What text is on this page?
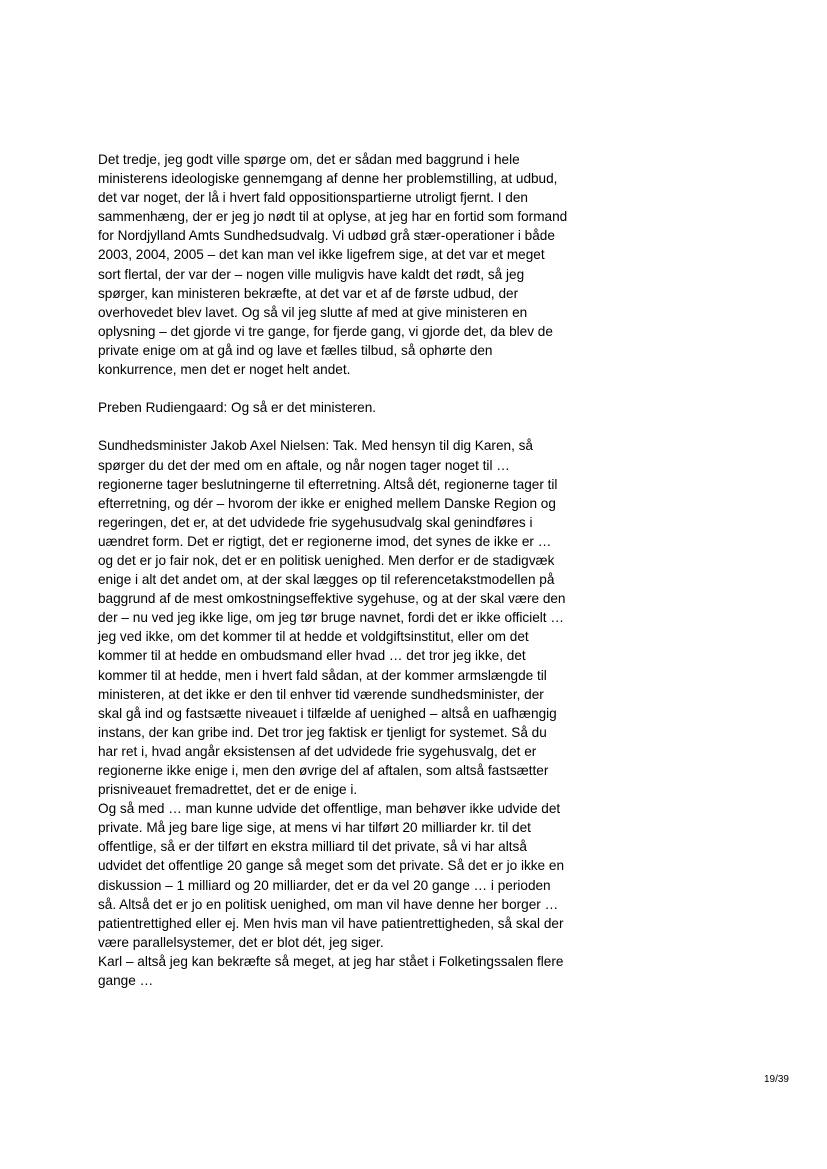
Det tredje, jeg godt ville spørge om, det er sådan med baggrund i hele
ministerens ideologiske gennemgang af denne her problemstilling, at udbud,
det var noget, der lå i hvert fald oppositionspartierne utroligt fjernt. I den
sammenhæng, der er jeg jo nødt til at oplyse, at jeg har en fortid som formand
for Nordjylland Amts Sundhedsudvalg. Vi udbød grå stær-operationer i både
2003, 2004, 2005 – det kan man vel ikke ligefrem sige, at det var et meget
sort flertal, der var der – nogen ville muligvis have kaldt det rødt, så jeg
spørger, kan ministeren bekræfte, at det var et af de første udbud, der
overhovedet blev lavet. Og så vil jeg slutte af med at give ministeren en
oplysning – det gjorde vi tre gange, for fjerde gang, vi gjorde det, da blev de
private enige om at gå ind og lave et fælles tilbud, så ophørte den
konkurrence, men det er noget helt andet.

Preben Rudiengaard: Og så er det ministeren.

Sundhedsminister Jakob Axel Nielsen: Tak. Med hensyn til dig Karen, så
spørger du det der med om en aftale, og når nogen tager noget til …
regionerne tager beslutningerne til efterretning. Altså dét, regionerne tager til
efterretning, og dér – hvorom der ikke er enighed mellem Danske Region og
regeringen, det er, at det udvidede frie sygehusudvalg skal genindføres i
uændret form. Det er rigtigt, det er regionerne imod, det synes de ikke er …
og det er jo fair nok, det er en politisk uenighed. Men derfor er de stadigvæk
enige i alt det andet om, at der skal lægges op til referencetakstmodellen på
baggrund af de mest omkostningseffektive sygehuse, og at der skal være den
der – nu ved jeg ikke lige, om jeg tør bruge navnet, fordi det er ikke officielt …
jeg ved ikke, om det kommer til at hedde et voldgiftsinstitut, eller om det
kommer til at hedde en ombudsmand eller hvad … det tror jeg ikke, det
kommer til at hedde, men i hvert fald sådan, at der kommer armslængde til
ministeren, at det ikke er den til enhver tid værende sundhedsminister, der
skal gå ind og fastsætte niveauet i tilfælde af uenighed – altså en uafhængig
instans, der kan gribe ind. Det tror jeg faktisk er tjenligt for systemet. Så du
har ret i, hvad angår eksistensen af det udvidede frie sygehusvalg, det er
regionerne ikke enige i, men den øvrige del af aftalen, som altså fastsætter
prisniveauet fremadrettet, det er de enige i.

Og så med … man kunne udvide det offentlige, man behøver ikke udvide det
private. Må jeg bare lige sige, at mens vi har tilført 20 milliarder kr. til det
offentlige, så er der tilført en ekstra milliard til det private, så vi har altså
udvidet det offentlige 20 gange så meget som det private. Så det er jo ikke en
diskussion – 1 milliard og 20 milliarder, det er da vel 20 gange … i perioden
så. Altså det er jo en politisk uenighed, om man vil have denne her borger …
patientrettighed eller ej. Men hvis man vil have patientrettigheden, så skal der
være parallelsystemer, det er blot dét, jeg siger.

Karl – altså jeg kan bekræfte så meget, at jeg har stået i Folketingssalen flere
gange …

19/39
